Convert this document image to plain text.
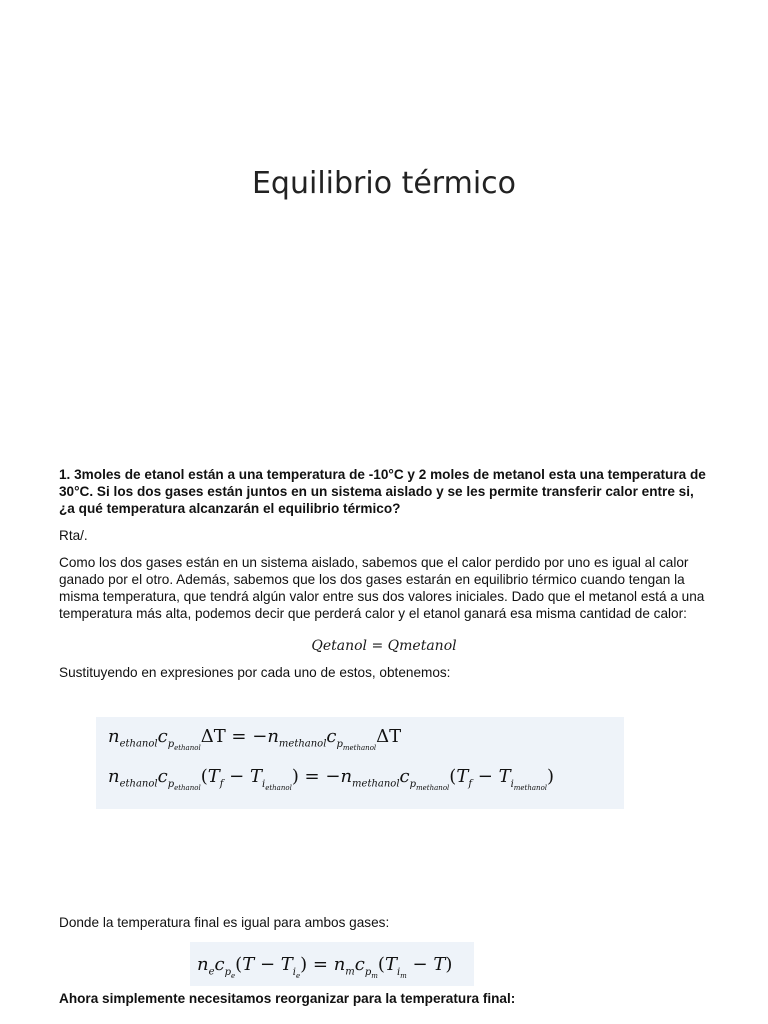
Equilibrio térmico
1. 3moles de etanol están a una temperatura de -10°C y 2 moles de metanol esta una temperatura de 30°C. Si los dos gases están juntos en un sistema aislado y se les permite transferir calor entre si, ¿a qué temperatura alcanzarán el equilibrio térmico?
Rta/.
Como los dos gases están en un sistema aislado, sabemos que el calor perdido por uno es igual al calor ganado por el otro. Además, sabemos que los dos gases estarán en equilibrio térmico cuando tengan la misma temperatura, que tendrá algún valor entre sus dos valores iniciales. Dado que el metanol está a una temperatura más alta, podemos decir que perderá calor y el etanol ganará esa misma cantidad de calor:
Qetanol = Qmetanol
Sustituyendo en expresiones por cada uno de estos, obtenemos:
$n_{ethanol}c_{p_{ethanol}}\Delta T = -n_{methanol}c_{p_{methanol}}\Delta T$
$n_{ethanol}c_{p_{ethanol}}(T_f - T_{i_{ethanol}}) = -n_{methanol}c_{p_{methanol}}(T_f - T_{i_{methanol}})$
Donde la temperatura final es igual para ambos gases:
$n_ec_{p_e}(T - T_{i_e}) = n_mc_{p_m}(T_{i_m} - T)$
Ahora simplemente necesitamos reorganizar para la temperatura final:
